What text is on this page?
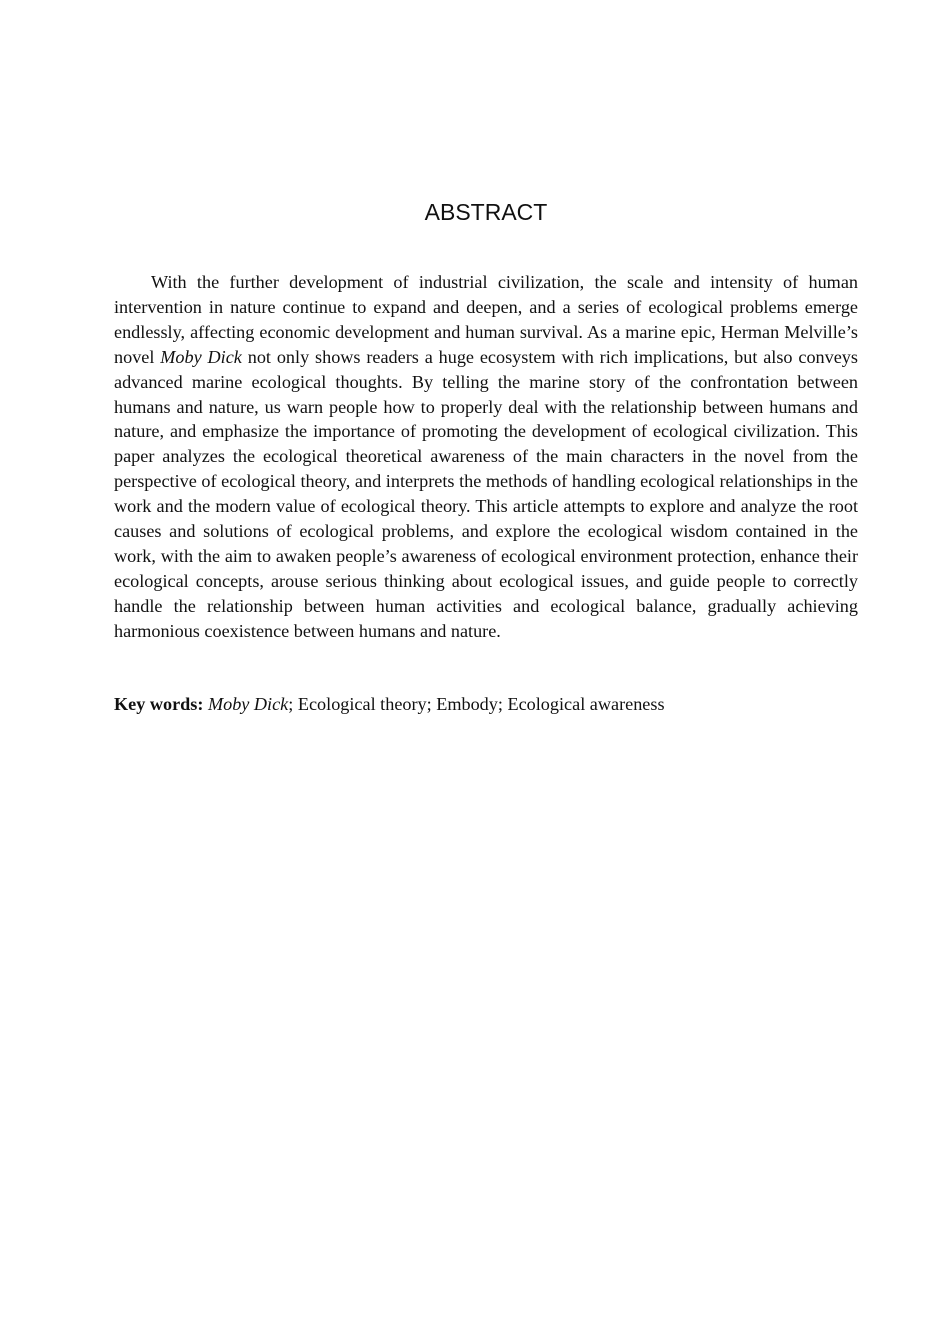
ABSTRACT

With the further development of industrial civilization, the scale and intensity of human intervention in nature continue to expand and deepen, and a series of ecological problems emerge endlessly, affecting economic development and human survival. As a marine epic, Herman Melville’s novel Moby Dick not only shows readers a huge ecosystem with rich implications, but also conveys advanced marine ecological thoughts. By telling the marine story of the confrontation between humans and nature, us warn people how to properly deal with the relationship between humans and nature, and emphasize the importance of promoting the development of ecological civilization. This paper analyzes the ecological theoretical awareness of the main characters in the novel from the perspective of ecological theory, and interprets the methods of handling ecological relationships in the work and the modern value of ecological theory. This article attempts to explore and analyze the root causes and solutions of ecological problems, and explore the ecological wisdom contained in the work, with the aim to awaken people’s awareness of ecological environment protection, enhance their ecological concepts, arouse serious thinking about ecological issues, and guide people to correctly handle the relationship between human activities and ecological balance, gradually achieving harmonious coexistence between humans and nature.

Key words: Moby Dick; Ecological theory; Embody; Ecological awareness
